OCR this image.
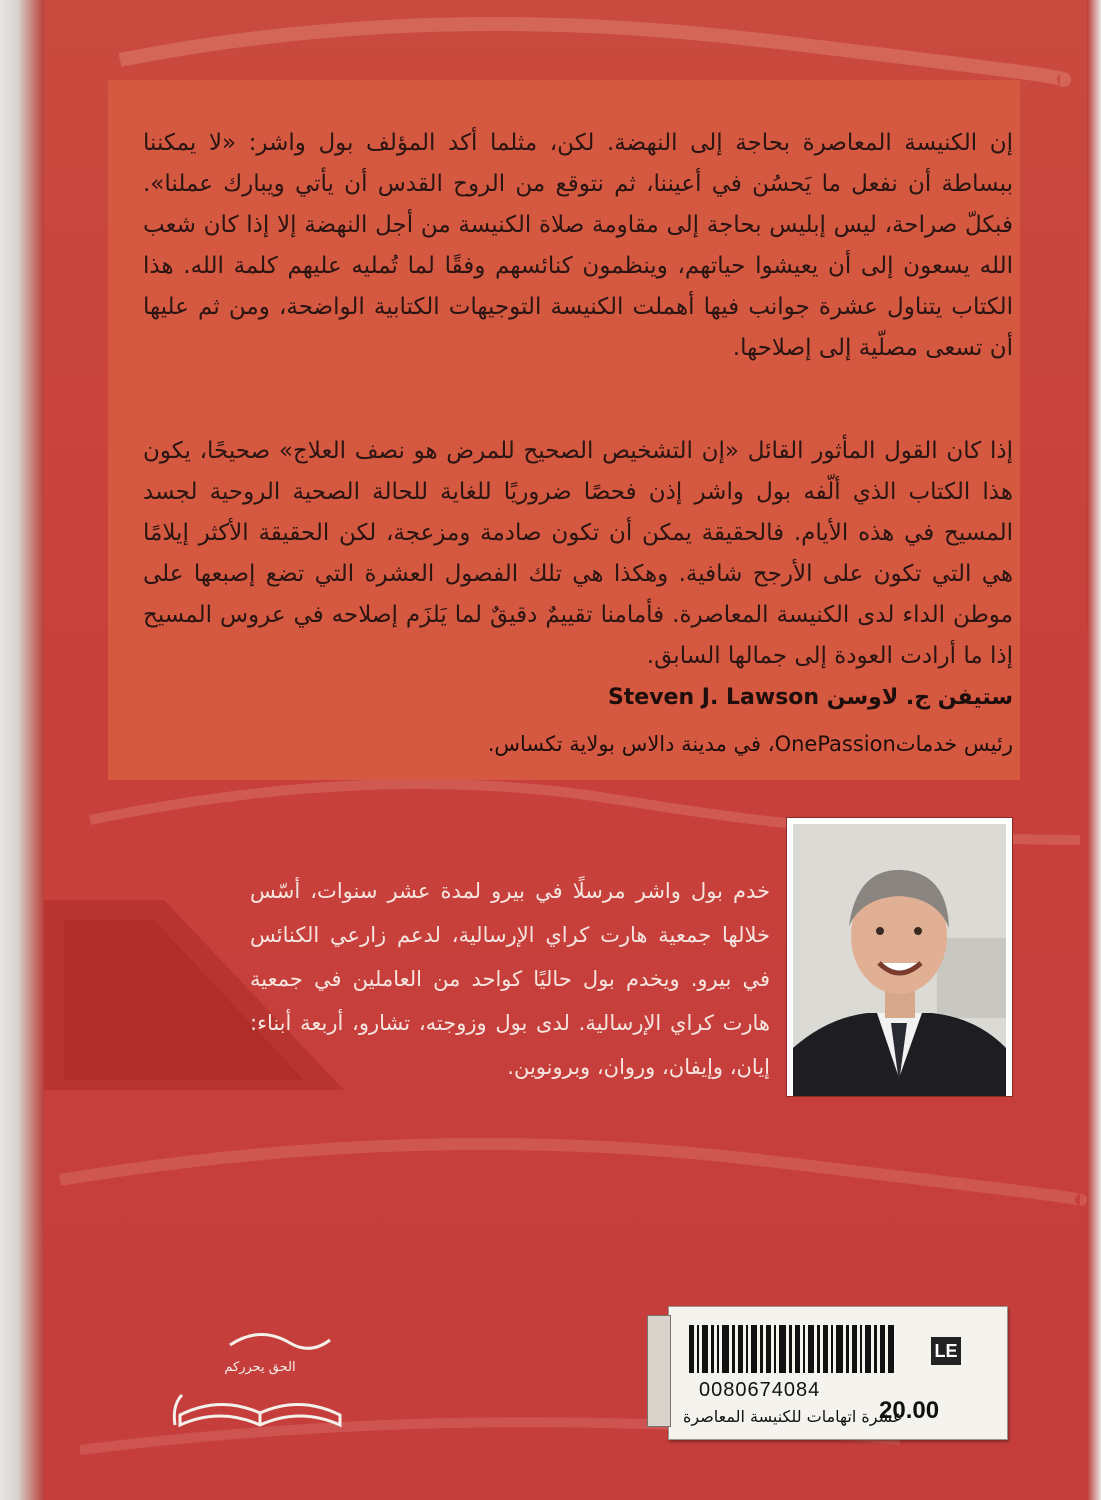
إن الكنيسة المعاصرة بحاجة إلى النهضة. لكن، مثلما أكد المؤلف بول واشر: «لا يمكننا ببساطة أن نفعل ما يَحسُن في أعيننا، ثم نتوقع من الروح القدس أن يأتي ويبارك عملنا». فبكلّ صراحة، ليس إبليس بحاجة إلى مقاومة صلاة الكنيسة من أجل النهضة إلا إذا كان شعب الله يسعون إلى أن يعيشوا حياتهم، وينظمون كنائسهم وفقًا لما تُمليه عليهم كلمة الله. هذا الكتاب يتناول عشرة جوانب فيها أهملت الكنيسة التوجيهات الكتابية الواضحة، ومن ثم عليها أن تسعى مصلّية إلى إصلاحها.

إذا كان القول المأثور القائل «إن التشخيص الصحيح للمرض هو نصف العلاج» صحيحًا، يكون هذا الكتاب الذي ألّفه بول واشر إذن فحصًا ضروريًا للغاية للحالة الصحية الروحية لجسد المسيح في هذه الأيام. فالحقيقة يمكن أن تكون صادمة ومزعجة، لكن الحقيقة الأكثر إيلامًا هي التي تكون على الأرجح شافية. وهكذا هي تلك الفصول العشرة التي تضع إصبعها على موطن الداء لدى الكنيسة المعاصرة. فأمامنا تقييمٌ دقيقٌ لما يَلزَم إصلاحه في عروس المسيح إذا ما أرادت العودة إلى جمالها السابق.

ستيفن ج. لاوسن Steven J. Lawson
رئيس خدماتOnePassion، في مدينة دالاس بولاية تكساس.

خدم بول واشر مرسلًا في بيرو لمدة عشر سنوات، أسّس خلالها جمعية هارت كراي الإرسالية، لدعم زارعي الكنائس في بيرو. ويخدم بول حاليًا كواحد من العاملين في جمعية هارت كراي الإرسالية. لدى بول وزوجته، تشارو، أربعة أبناء: إيان، وإيفان، وروان، وبرونوين.

الحق يحرركم
LE
0080674084
20.00
عشرة اتهامات للكنيسة المعاصرة
